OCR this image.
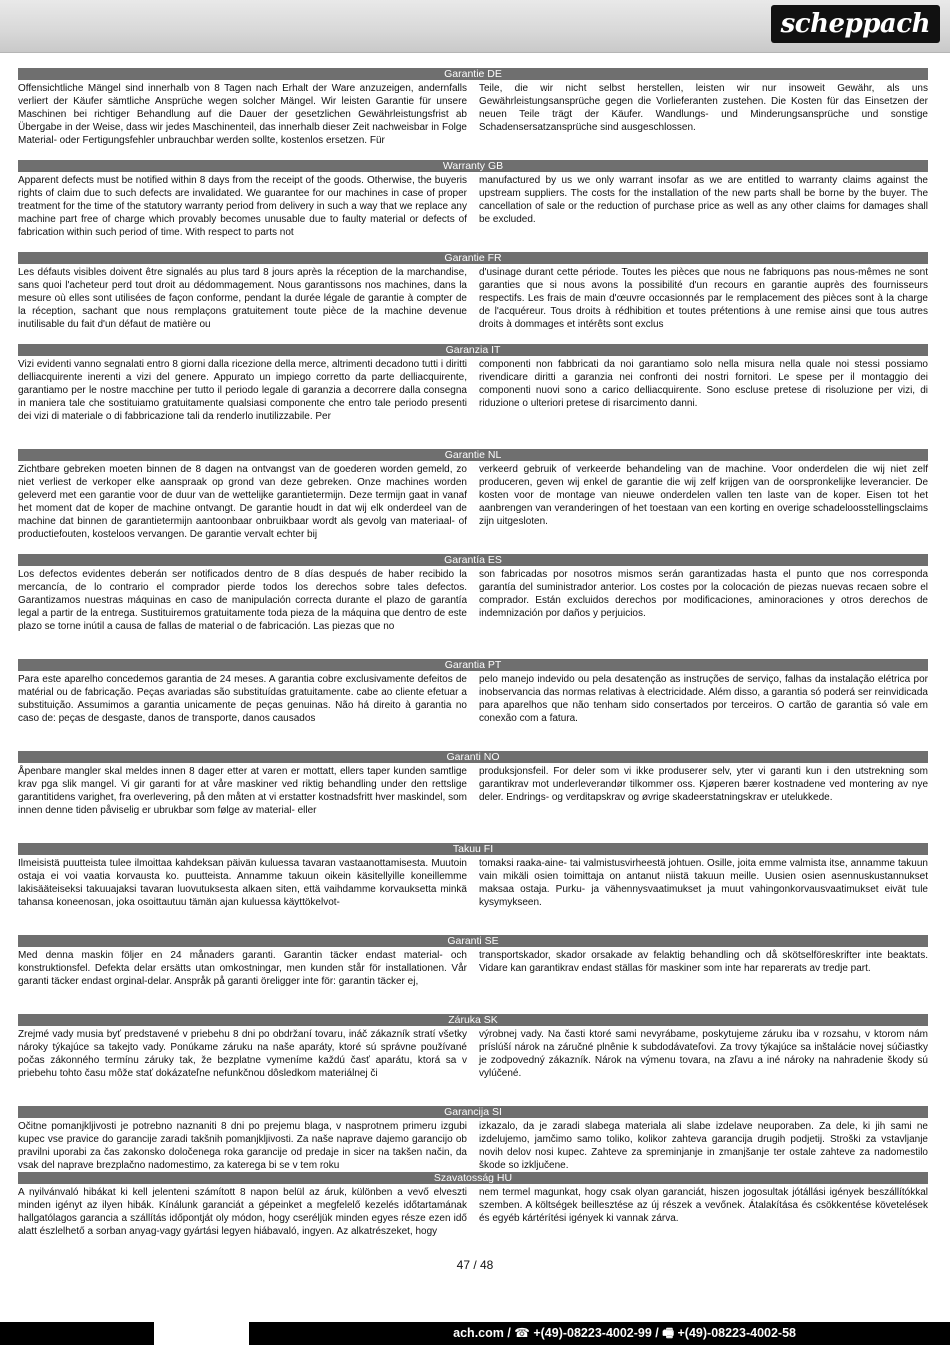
scheppach
Garantie DE
Offensichtliche Mängel sind innerhalb von 8 Tagen nach Erhalt der Ware anzuzeigen, andernfalls verliert der Käufer sämtliche Ansprüche wegen solcher Mängel. Wir leisten Garantie für unsere Maschinen bei richtiger Behandlung auf die Dauer der gesetzlichen Gewährleistungsfrist ab Übergabe in der Weise, dass wir jedes Maschinenteil, das innerhalb dieser Zeit nachweisbar in Folge Material- oder Fertigungsfehler unbrauchbar werden sollte, kostenlos ersetzen. Für
Teile, die wir nicht selbst herstellen, leisten wir nur insoweit Gewähr, als uns Gewährleistungsansprüche gegen die Vorlieferanten zustehen. Die Kosten für das Einsetzen der neuen Teile trägt der Käufer. Wandlungs- und Minderungsansprüche und sonstige Schadensersatzansprüche sind ausgeschlossen.
Warranty GB
Apparent defects must be notified within 8 days from the receipt of the goods. Otherwise, the buyeris rights of claim due to such defects are invalidated. We guarantee for our machines in case of proper treatment for the time of the statutory warranty period from delivery in such a way that we replace any machine part free of charge which provably becomes unusable due to faulty material or defects of fabrication within such period of time. With respect to parts not
manufactured by us we only warrant insofar as we are entitled to warranty claims against the upstream suppliers. The costs for the installation of the new parts shall be borne by the buyer. The cancellation of sale or the reduction of purchase price as well as any other claims for damages shall be excluded.
Garantie FR
Les défauts visibles doivent être signalés au plus tard 8 jours après la réception de la marchandise, sans quoi l'acheteur perd tout droit au dédommagement. Nous garantissons nos machines, dans la mesure où elles sont utilisées de façon conforme, pendant la durée légale de garantie à compter de la réception, sachant que nous remplaçons gratuitement toute pièce de la machine devenue inutilisable du fait d'un défaut de matière ou
d'usinage durant cette période. Toutes les pièces que nous ne fabriquons pas nous-mêmes ne sont garanties que si nous avons la possibilité d'un recours en garantie auprès des fournisseurs respectifs. Les frais de main d'œuvre occasionnés par le remplacement des pièces sont à la charge de l'acquéreur. Tous droits à rédhibition et toutes prétentions à une remise ainsi que tous autres droits à dommages et intérêts sont exclus
Garanzia IT
Vizi evidenti vanno segnalati entro 8 giorni dalla ricezione della merce, altrimenti decadono tutti i diritti delliacquirente inerenti a vizi del genere. Appurato un impiego corretto da parte delliacquirente, garantiamo per le nostre macchine per tutto il periodo legale di garanzia a decorrere dalla consegna in maniera tale che sostituiamo gratuitamente qualsiasi componente che entro tale periodo presenti dei vizi di materiale o di fabbricazione tali da renderlo inutilizzabile. Per
componenti non fabbricati da noi garantiamo solo nella misura nella quale noi stessi possiamo rivendicare diritti a garanzia nei confronti dei nostri fornitori. Le spese per il montaggio dei componenti nuovi sono a carico delliacquirente. Sono escluse pretese di risoluzione per vizi, di riduzione o ulteriori pretese di risarcimento danni.
Garantie NL
Zichtbare gebreken moeten binnen de 8 dagen na ontvangst van de goederen worden gemeld, zo niet verliest de verkoper elke aanspraak op grond van deze gebreken. Onze machines worden geleverd met een garantie voor de duur van de wettelijke garantietermijn. Deze termijn gaat in vanaf het moment dat de koper de machine ontvangt. De garantie houdt in dat wij elk onderdeel van de machine dat binnen de garantietermijn aantoonbaar onbruikbaar wordt als gevolg van materiaal- of productiefouten, kosteloos vervangen. De garantie vervalt echter bij
verkeerd gebruik of verkeerde behandeling van de machine. Voor onderdelen die wij niet zelf produceren, geven wij enkel de garantie die wij zelf krijgen van de oorspronkelijke leverancier. De kosten voor de montage van nieuwe onderdelen vallen ten laste van de koper. Eisen tot het aanbrengen van veranderingen of het toestaan van een korting en overige schadeloosstellingsclaims zijn uitgesloten.
Garantía ES
Los defectos evidentes deberán ser notificados dentro de 8 días después de haber recibido la mercancía, de lo contrario el comprador pierde todos los derechos sobre tales defectos. Garantizamos nuestras máquinas en caso de manipulación correcta durante el plazo de garantía legal a partir de la entrega. Sustituiremos gratuitamente toda pieza de la máquina que dentro de este plazo se torne inútil a causa de fallas de material o de fabricación. Las piezas que no
son fabricadas por nosotros mismos serán garantizadas hasta el punto que nos corresponda garantía del suministrador anterior. Los costes por la colocación de piezas nuevas recaen sobre el comprador. Están excluidos derechos por modificaciones, aminoraciones y otros derechos de indemnización por daños y perjuicios.
Garantia PT
Para este aparelho concedemos garantia de 24 meses. A garantia cobre exclusivamente defeitos de matérial ou de fabricação. Peças avariadas são substituídas gratuitamente. cabe ao cliente efetuar a substituição. Assumimos a garantia unicamente de peças genuinas. Não há direito à garantia no caso de: peças de desgaste, danos de transporte, danos causados
pelo manejo indevido ou pela desatenção as instruções de serviço, falhas da instalação elétrica por inobservancia das normas relativas à electricidade. Além disso, a garantia só poderá ser reinvidicada para aparelhos que não tenham sido consertados por terceiros. O cartão de garantia só vale em conexão com a fatura.
Garanti NO
Åpenbare mangler skal meldes innen 8 dager etter at varen er mottatt, ellers taper kunden samtlige krav pga slik mangel. Vi gir garanti for at våre maskiner ved riktig behandling under den rettslige garantitidens varighet, fra overlevering, på den måten at vi erstatter kostnadsfritt hver maskindel, som innen denne tiden påviselig er ubrukbar som følge av material- eller
produksjonsfeil. For deler som vi ikke produserer selv, yter vi garanti kun i den utstrekning som garantikrav mot underleverandør tilkommer oss. Kjøperen bærer kostnadene ved montering av nye deler. Endrings- og verditapskrav og øvrige skadeerstatningskrav er utelukkede.
Takuu FI
Ilmeisistä puutteista tulee ilmoittaa kahdeksan päivän kuluessa tavaran vastaanottamisesta. Muutoin ostaja ei voi vaatia korvausta ko. puutteista. Annamme takuun oikein käsitellyille koneillemme lakisääteiseksi takuuajaksi tavaran luovutuksesta alkaen siten, että vaihdamme korvauksetta minkä tahansa koneenosan, joka osoittautuu tämän ajan kuluessa käyttökelvot-
tomaksi raaka-aine- tai valmistusvirheestä johtuen. Osille, joita emme valmista itse, annamme takuun vain mikäli osien toimittaja on antanut niistä takuun meille. Uusien osien asennuskustannukset maksaa ostaja. Purku- ja vähennysvaatimukset ja muut vahingonkorvausvaatimukset eivät tule kysymykseen.
Garanti SE
Med denna maskin följer en 24 månaders garanti. Garantin täcker endast material- och konstruktionsfel. Defekta delar ersätts utan omkostningar, men kunden står för installationen. Vår garanti täcker endast orginal-delar. Anspråk på garanti öreligger inte för: garantin täcker ej,
transportskador, skador orsakade av felaktig behandling och då skötselföreskrifter inte beaktats. Vidare kan garantikrav endast ställas för maskiner som inte har reparerats av tredje part.
Záruka SK
Zrejmé vady musia byť predstavené v priebehu 8 dni po obdržaní tovaru, ináč zákazník stratí všetky nároky týkajúce sa takejto vady. Ponúkame záruku na naše aparáty, ktoré sú správne používané počas zákonného termínu záruky tak, že bezplatne vymeníme každú časť aparátu, ktorá sa v priebehu tohto času môže stať dokázateľne nefunkčnou dôsledkom materiálnej či
výrobnej vady. Na časti ktoré sami nevyrábame, poskytujeme záruku iba v rozsahu, v ktorom nám príslúší nárok na záručné plnênie k subdodávateľovi. Za trovy týkajúce sa inštalácie novej súčiastky je zodpovedný zákazník. Nárok na výmenu tovara, na zľavu a iné nároky na nahradenie škody sú vylúčené.
Garancija SI
Očitne pomanjkljivosti je potrebno naznaniti 8 dni po prejemu blaga, v nasprotnem primeru izgubi kupec vse pravice do garancije zaradi takšnih pomanjkljivosti. Za naše naprave dajemo garancijo ob pravilni uporabi za čas zakonsko določenega roka garancije od predaje in sicer na takšen način, da vsak del naprave brezplačno nadomestimo, za katerega bi se v tem roku
izkazalo, da je zaradi slabega materiala ali slabe izdelave neuporaben. Za dele, ki jih sami ne izdelujemo, jamčimo samo toliko, kolikor zahteva garancija drugih podjetij. Stroški za vstavljanje novih delov nosi kupec. Zahteve za spreminjanje in zmanjšanje ter ostale zahteve za nadomestilo škode so izključene.
Szavatosság HU
A nyilvánvaló hibákat ki kell jelenteni számított 8 napon belül az áruk, különben a vevő elveszti minden igényt az ilyen hibák. Kínálunk garanciát a gépeinket a megfelelő kezelés időtartamának hallgatólagos garancia a szállítás időpontját oly módon, hogy cseréljük minden egyes része ezen idő alatt észlelhető a sorban anyag-vagy gyártási legyen hiábavaló, ingyen. Az alkatrészeket, hogy
nem termel magunkat, hogy csak olyan garanciát, hiszen jogosultak jótállási igények beszállítókkal szemben. A költségek beillesztése az új részek a vevőnek. Átalakítása és csökkentése követelések és egyéb kártérítési igények ki vannak zárva.
47 / 48
ach.com / ☎ +(49)-08223-4002-99 / 🖷 +(49)-08223-4002-58
